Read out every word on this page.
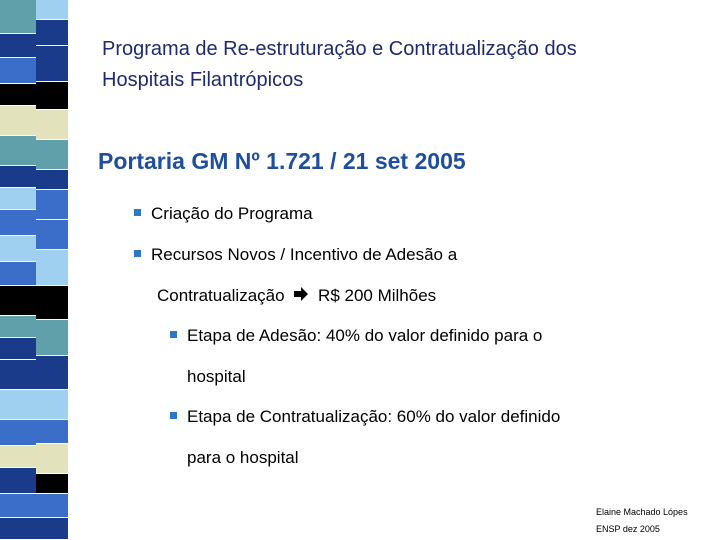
Programa de Re-estruturação e Contratualização dos
Hospitais Filantrópicos
Portaria GM Nº 1.721 / 21 set 2005
Criação do Programa
Recursos Novos / Incentivo de Adesão a
Contratualização R$ 200 Milhões
Etapa de Adesão: 40% do valor definido para o
hospital
Etapa de Contratualização: 60% do valor definido
para o hospital
Elaine Machado Lópes
ENSP dez 2005
